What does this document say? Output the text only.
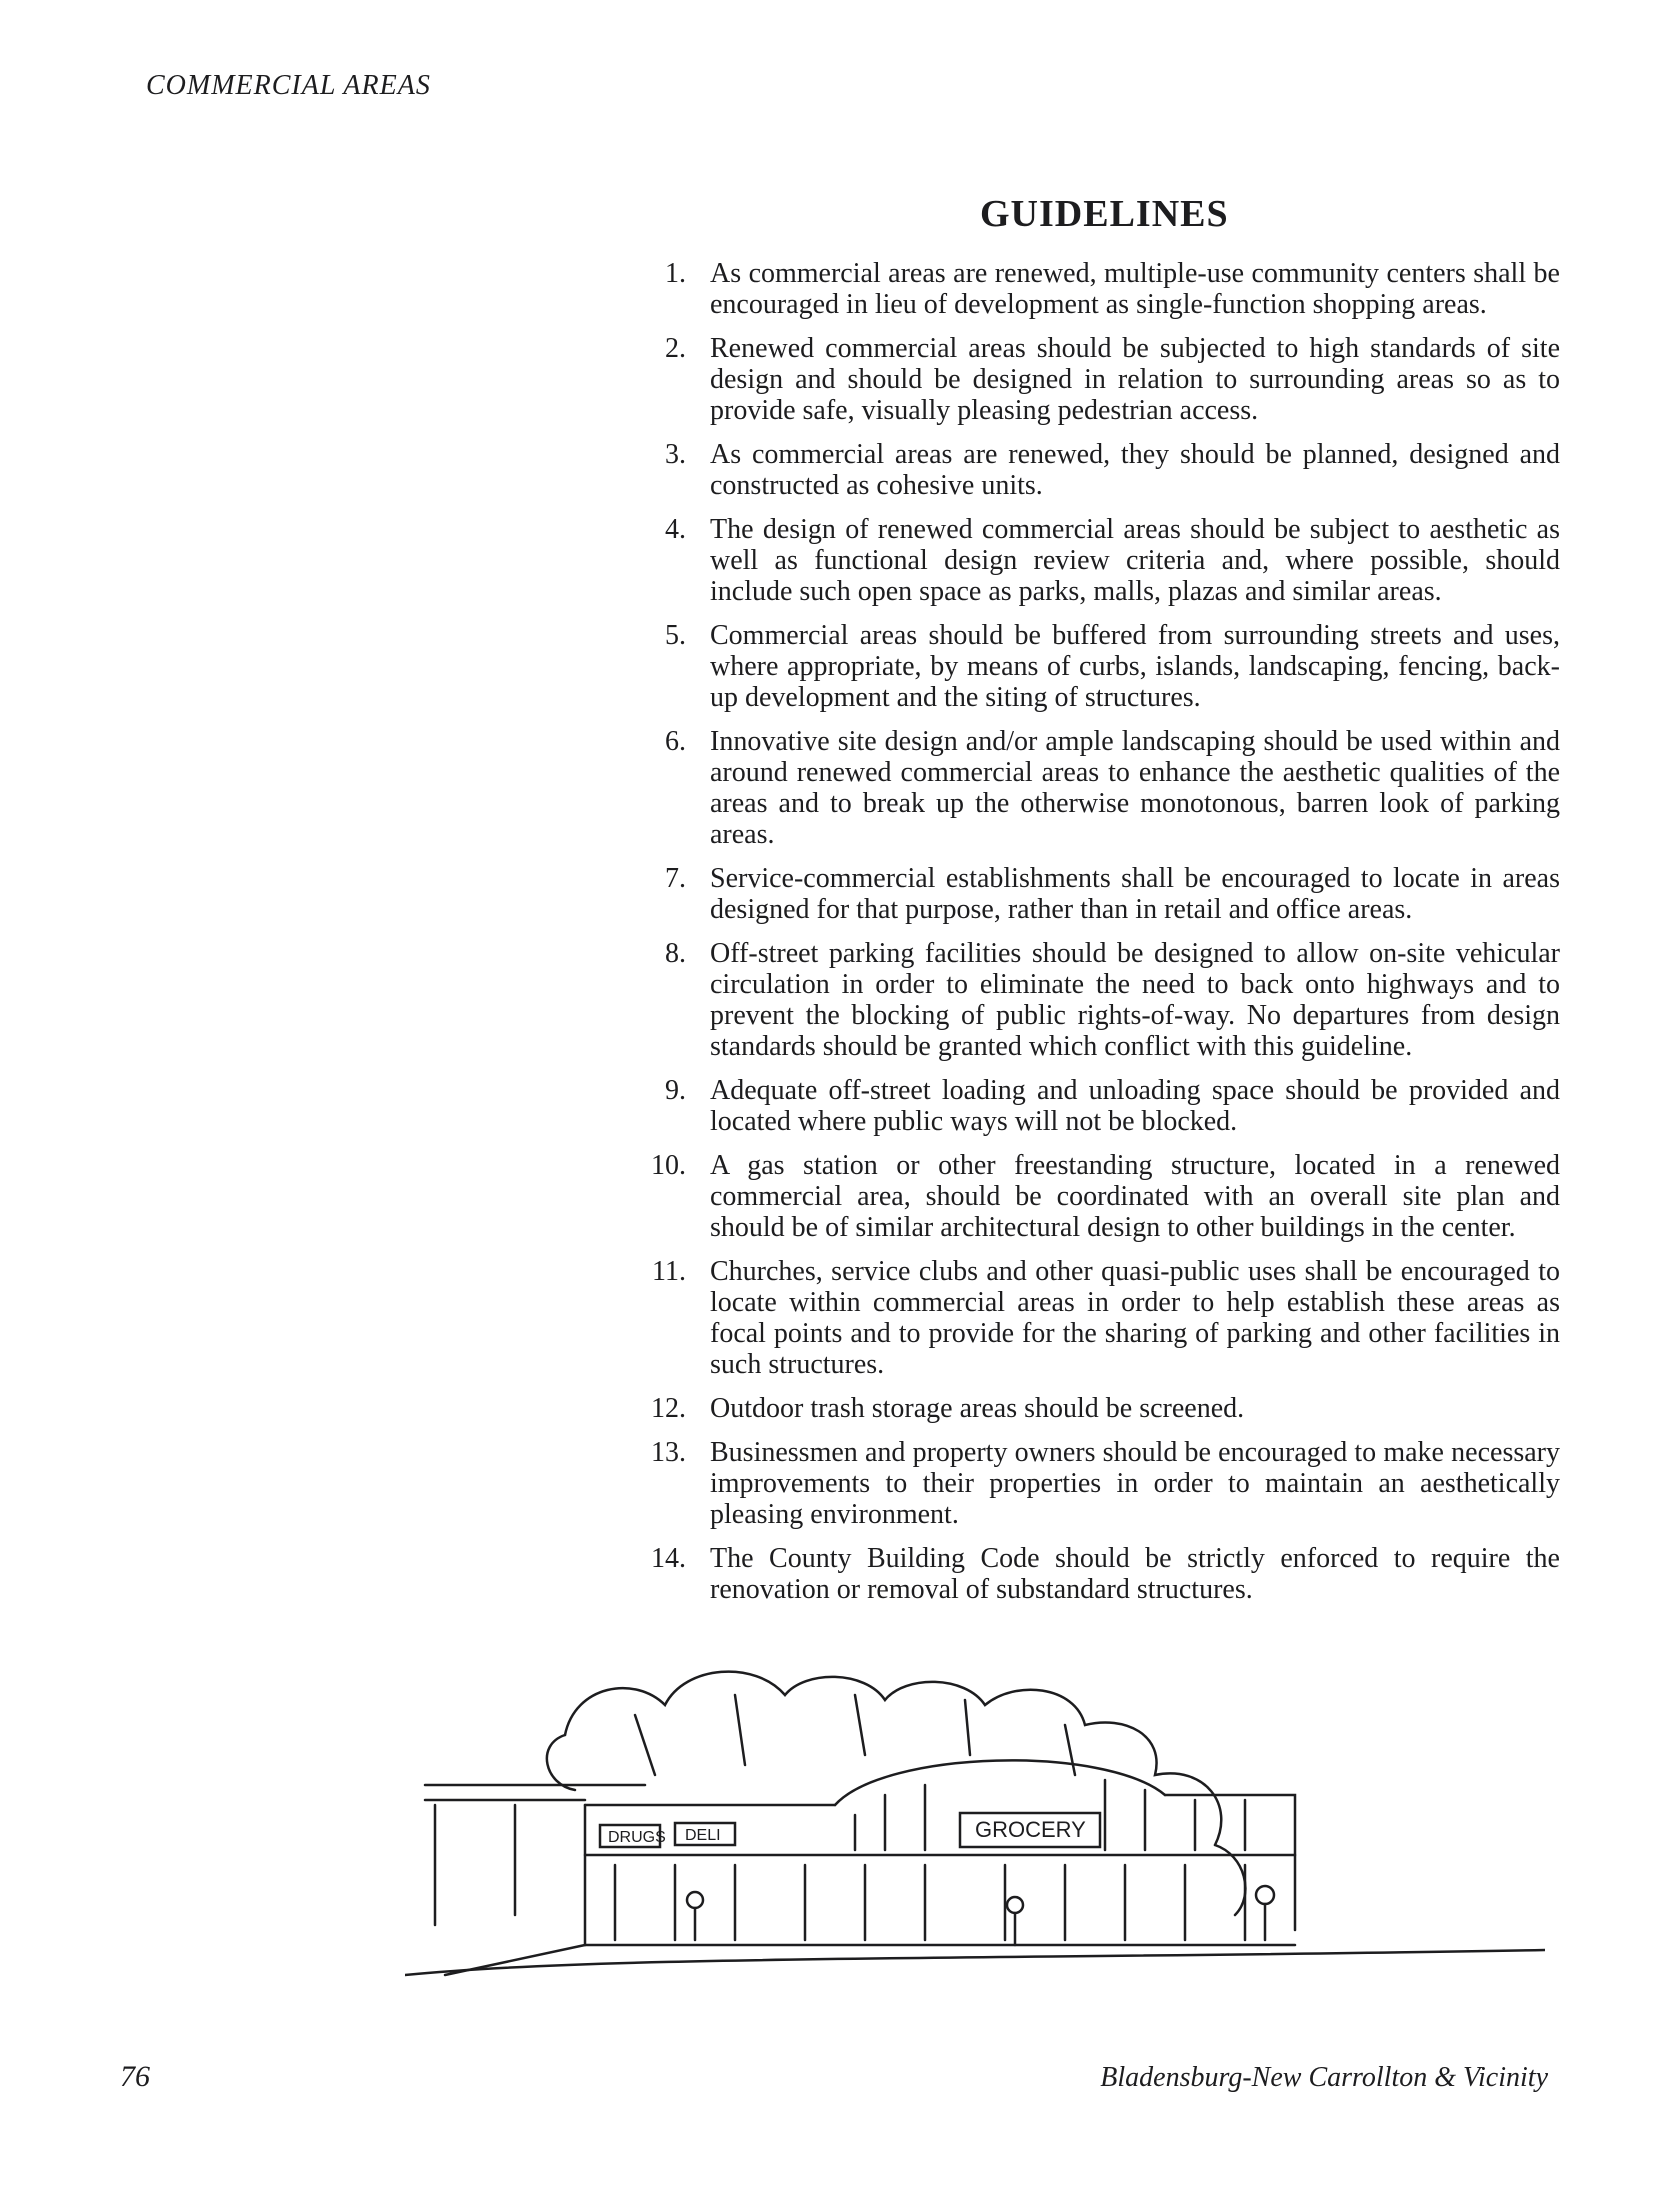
COMMERCIAL AREAS
GUIDELINES
1. As commercial areas are renewed, multiple-use community centers shall be encouraged in lieu of development as single-function shopping areas.
2. Renewed commercial areas should be subjected to high standards of site design and should be designed in relation to surrounding areas so as to provide safe, visually pleasing pedestrian access.
3. As commercial areas are renewed, they should be planned, designed and constructed as cohesive units.
4. The design of renewed commercial areas should be subject to aesthetic as well as functional design review criteria and, where possible, should include such open space as parks, malls, plazas and similar areas.
5. Commercial areas should be buffered from surrounding streets and uses, where appropriate, by means of curbs, islands, landscaping, fencing, back-up development and the siting of structures.
6. Innovative site design and/or ample landscaping should be used within and around renewed commercial areas to enhance the aesthetic qualities of the areas and to break up the otherwise monotonous, barren look of parking areas.
7. Service-commercial establishments shall be encouraged to locate in areas designed for that purpose, rather than in retail and office areas.
8. Off-street parking facilities should be designed to allow on-site vehicular circulation in order to eliminate the need to back onto highways and to prevent the blocking of public rights-of-way. No departures from design standards should be granted which conflict with this guideline.
9. Adequate off-street loading and unloading space should be provided and located where public ways will not be blocked.
10. A gas station or other freestanding structure, located in a renewed commercial area, should be coordinated with an overall site plan and should be of similar architectural design to other buildings in the center.
11. Churches, service clubs and other quasi-public uses shall be encouraged to locate within commercial areas in order to help establish these areas as focal points and to provide for the sharing of parking and other facilities in such structures.
12. Outdoor trash storage areas should be screened.
13. Businessmen and property owners should be encouraged to make necessary improvements to their properties in order to maintain an aesthetically pleasing environment.
14. The County Building Code should be strictly enforced to require the renovation or removal of substandard structures.
DRUGS DELI	GROCERY
76	Bladensburg-New Carrollton & Vicinity
